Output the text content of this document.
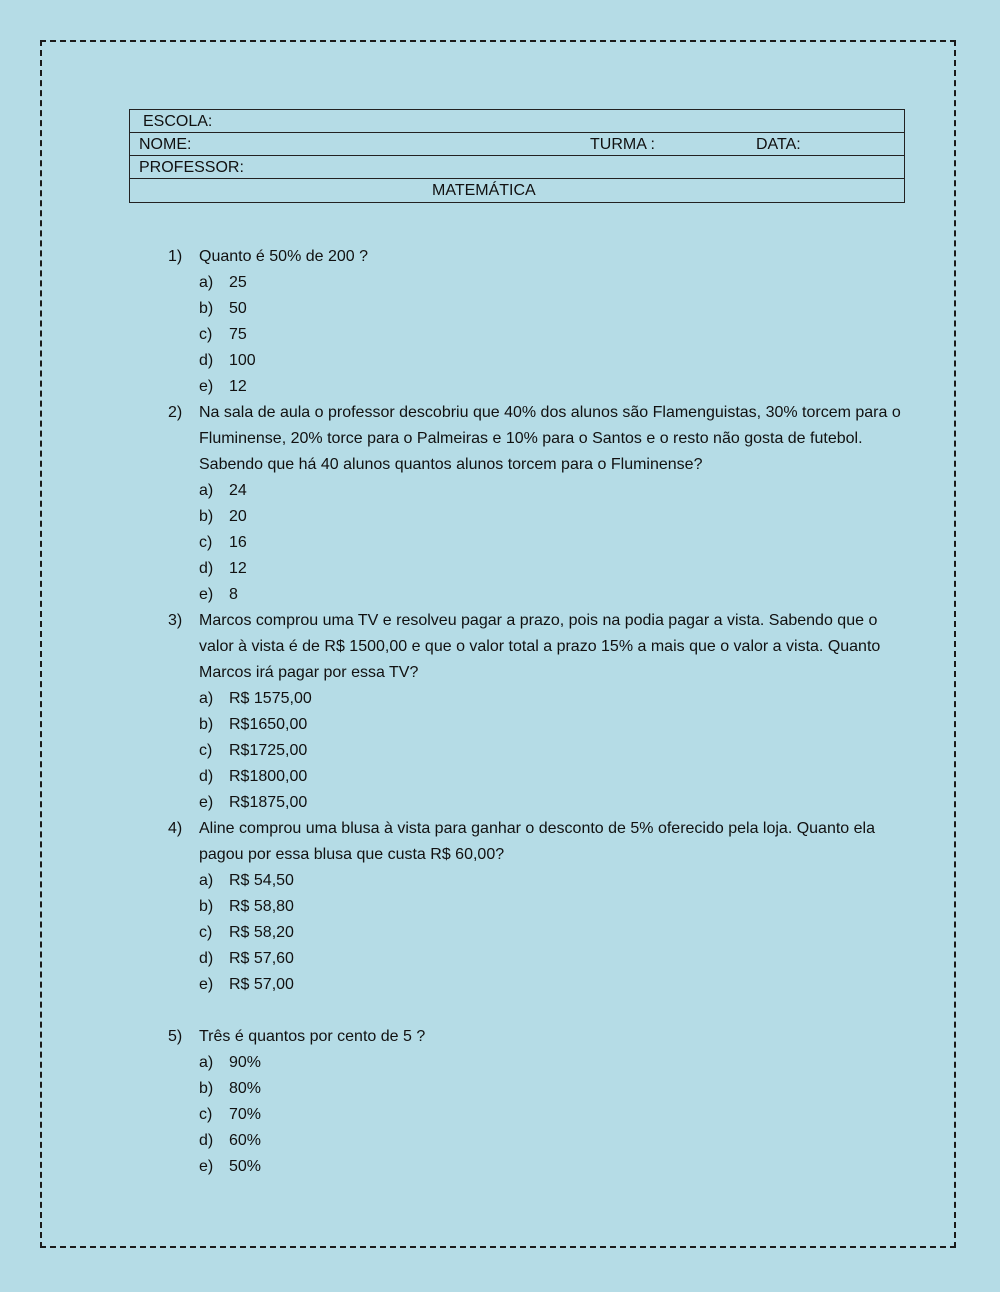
ESCOLA:
NOME:	TURMA :	DATA:
PROFESSOR:
MATEMÁTICA
1)	Quanto é 50% de 200 ?
a) 25
b) 50
c)	75
d) 100
e) 12
2)	Na sala de aula o professor descobriu que 40% dos alunos são Flamenguistas, 30% torcem para o Fluminense, 20% torce para o Palmeiras e 10% para o Santos e o resto não gosta de futebol. Sabendo que há 40 alunos quantos alunos torcem para o Fluminense?
a) 24
b) 20
c)	16
d) 12
e) 8
3)	Marcos comprou uma TV e resolveu pagar a prazo, pois na podia pagar a vista. Sabendo que o valor à vista é de R$ 1500,00 e que o valor total a prazo 15% a mais que o valor a vista. Quanto Marcos irá pagar por essa TV?
a) R$ 1575,00
b) R$1650,00
c)	R$1725,00
d) R$1800,00
e) R$1875,00
4)	Aline comprou uma blusa à vista para ganhar o desconto de 5% oferecido pela loja. Quanto ela pagou por essa blusa que custa R$ 60,00?
a) R$ 54,50
b) R$ 58,80
c)	R$ 58,20
d) R$ 57,60
e) R$ 57,00
5)	Três é quantos por cento de 5 ?
a) 90%
b) 80%
c)	70%
d) 60%
e) 50%
